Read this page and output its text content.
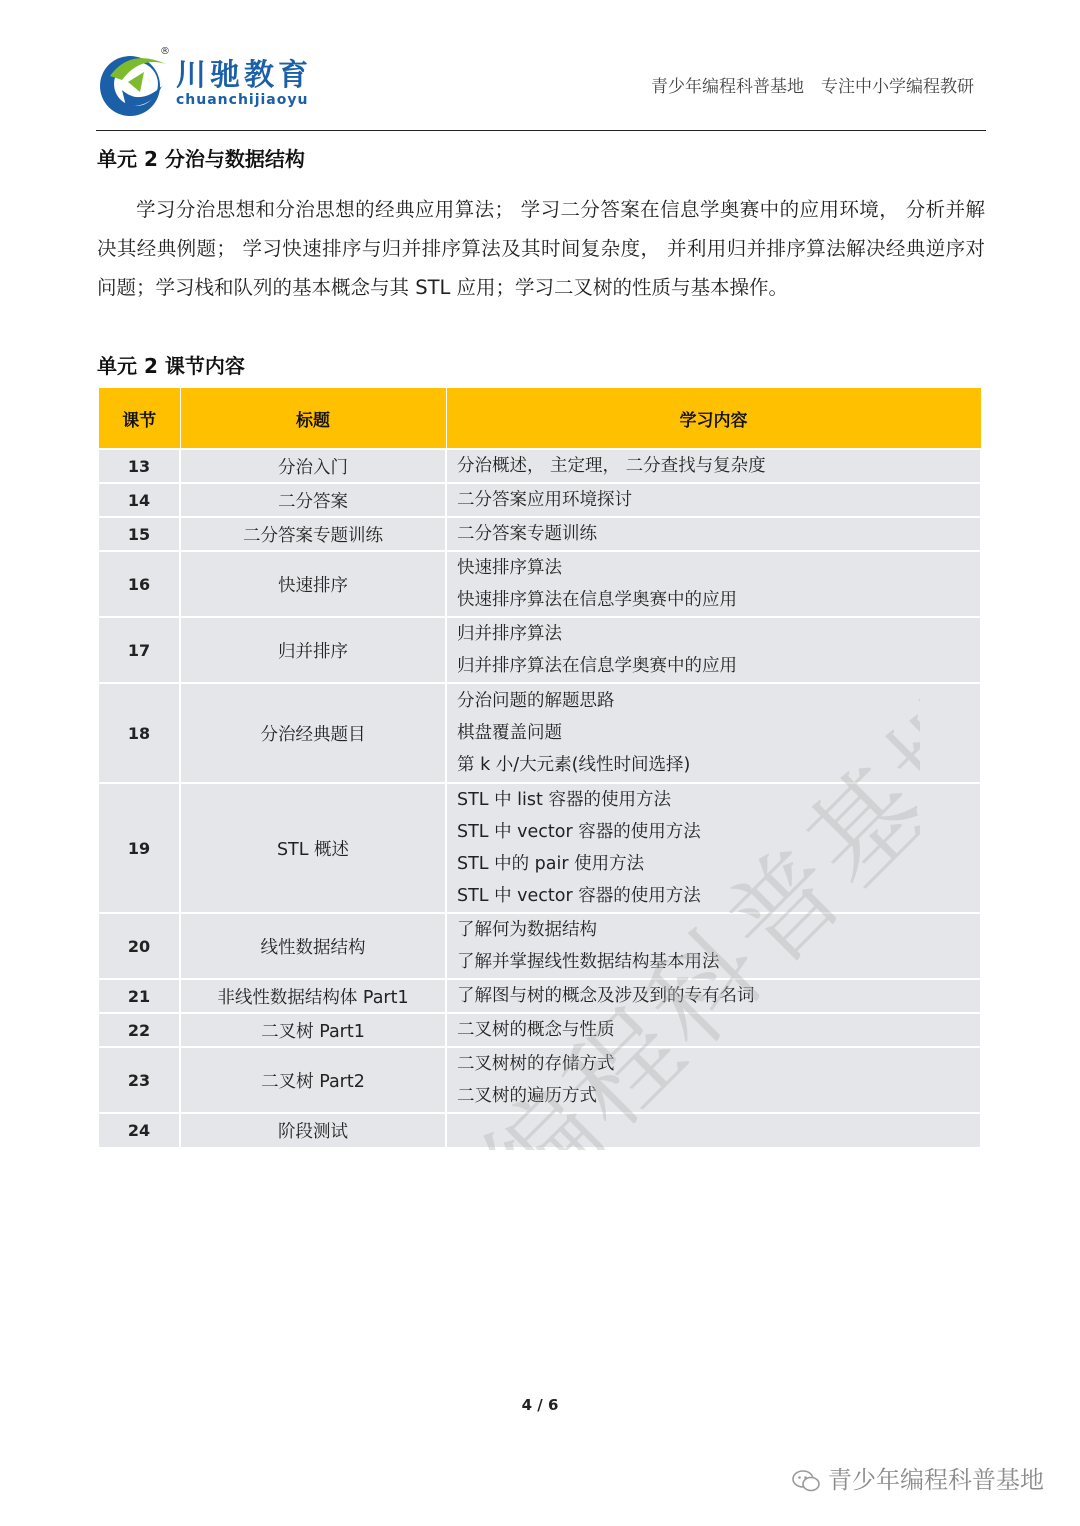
®
川驰教育
chuanchijiaoyu
青少年编程科普基地　专注中小学编程教研
单元 2 分治与数据结构

学习分治思想和分治思想的经典应用算法； 学习二分答案在信息学奥赛中的应用环境， 分析并解决其经典例题； 学习快速排序与归并排序算法及其时间复杂度， 并利用归并排序算法解决经典逆序对问题；学习栈和队列的基本概念与其 STL 应用；学习二叉树的性质与基本操作。

单元 2 课节内容
课节	标题	学习内容
13	分治入门	分治概述， 主定理， 二分查找与复杂度

14	二分答案	二分答案应用环境探讨

15	二分答案专题训练	二分答案专题训练

16	快速排序	快速排序算法
快速排序算法在信息学奥赛中的应用

17	归并排序	归并排序算法
归并排序算法在信息学奥赛中的应用

18	分治经典题目	分治问题的解题思路
棋盘覆盖问题
第 k 小/大元素(线性时间选择)

19	STL 概述	STL 中 list 容器的使用方法
STL 中 vector 容器的使用方法
STL 中的 pair 使用方法
STL 中 vector 容器的使用方法

20	线性数据结构	了解何为数据结构
了解并掌握线性数据结构基本用法

21	非线性数据结构体 Part1	了解图与树的概念及涉及到的专有名词

22	二叉树 Part1	二叉树的概念与性质

23	二叉树 Part2	二叉树树的存储方式
二叉树的遍历方式

24	阶段测试	
4 / 6
青少年编程科普基地
